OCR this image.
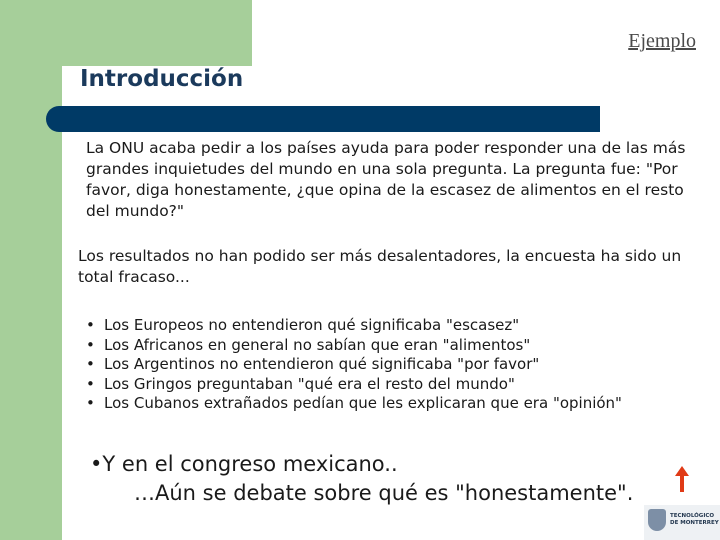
Ejemplo
Introducción
La ONU acaba pedir a los países ayuda para poder responder una de las más grandes inquietudes del mundo en una sola pregunta. La pregunta fue: "Por favor, diga honestamente, ¿que opina de la escasez de alimentos en el resto del mundo?"
Los resultados no han podido ser más desalentadores, la encuesta ha sido un total fracaso...
• Los Europeos no entendieron qué significaba "escasez"
• Los Africanos en general no sabían que eran "alimentos"
• Los Argentinos no entendieron qué significaba "por favor"
• Los Gringos preguntaban "qué era el resto del mundo"
• Los Cubanos extrañados pedían que les explicaran que era "opinión"
•Y en el congreso mexicano..
…Aún se debate sobre qué es "honestamente".
TECNOLÓGICO
DE MONTERREY
